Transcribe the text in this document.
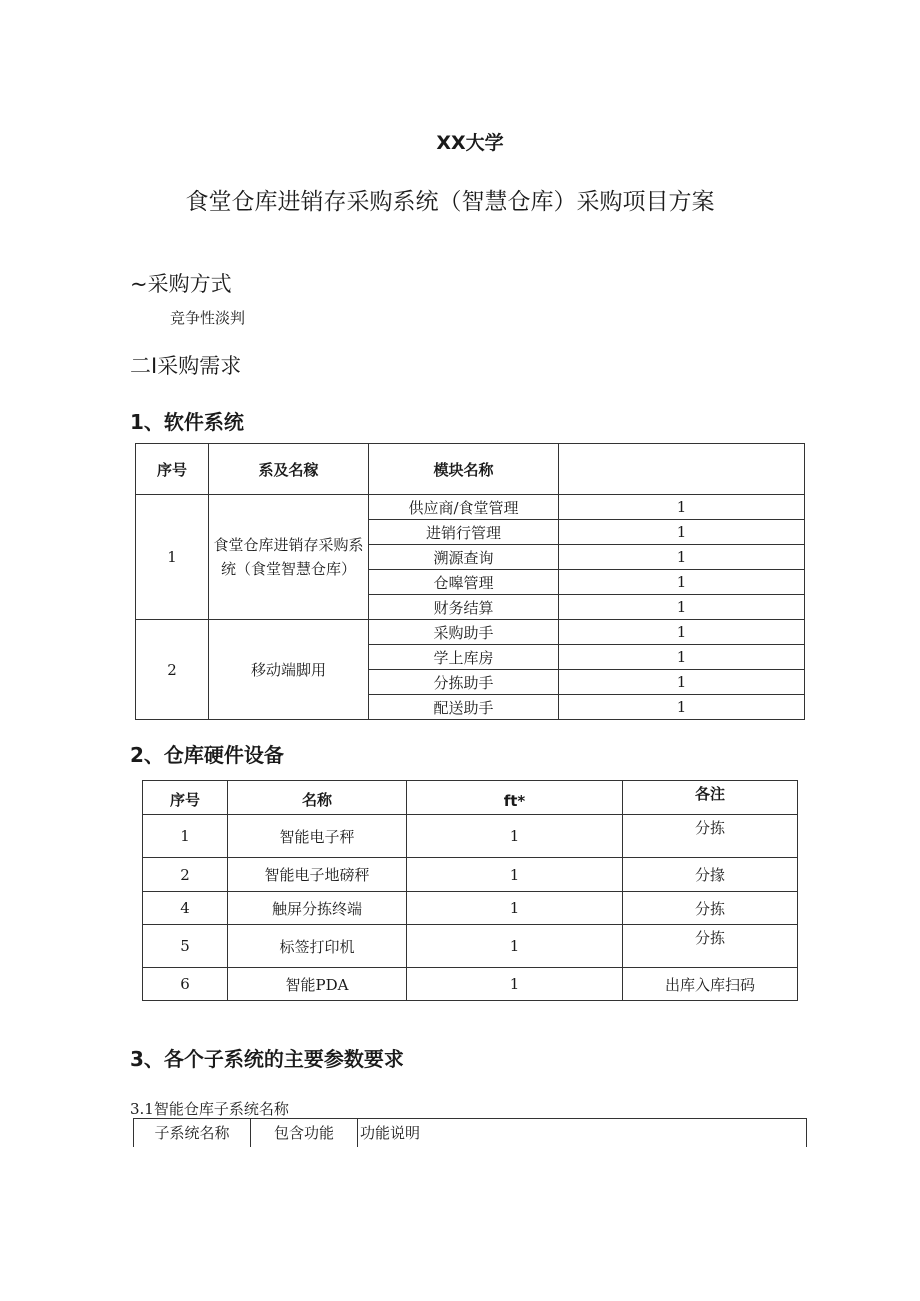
XX大学
食堂仓库进销存采购系统（智慧仓库）采购项目方案
~采购方式
竞争性淡判
二I采购需求
1、软件系统
序号	系及名稼	模块名称	
1	食堂仓库进销存采购系统（食堂智慧仓库）	供应商/食堂管理	1
		进销行管理	1
		溯源查询	1
		仓嗥管理	1
		财务结算	1
2	移动端脚用	采购助手	1
		学上库房	1
		分拣助手	1
		配送助手	1
2、仓库硬件设备
序号	名称	ft*	各注
1	智能电子秤	1	分拣
2	智能电子地磅秤	1	分掾
4	触屏分拣终端	1	分拣
5	标签打印机	1	分拣
6	智能PDA	1	出库入库扫码
3、各个子系统的主要参数要求
3.1智能仓库子系统名称
子系统名称	包含功能	功能说明
